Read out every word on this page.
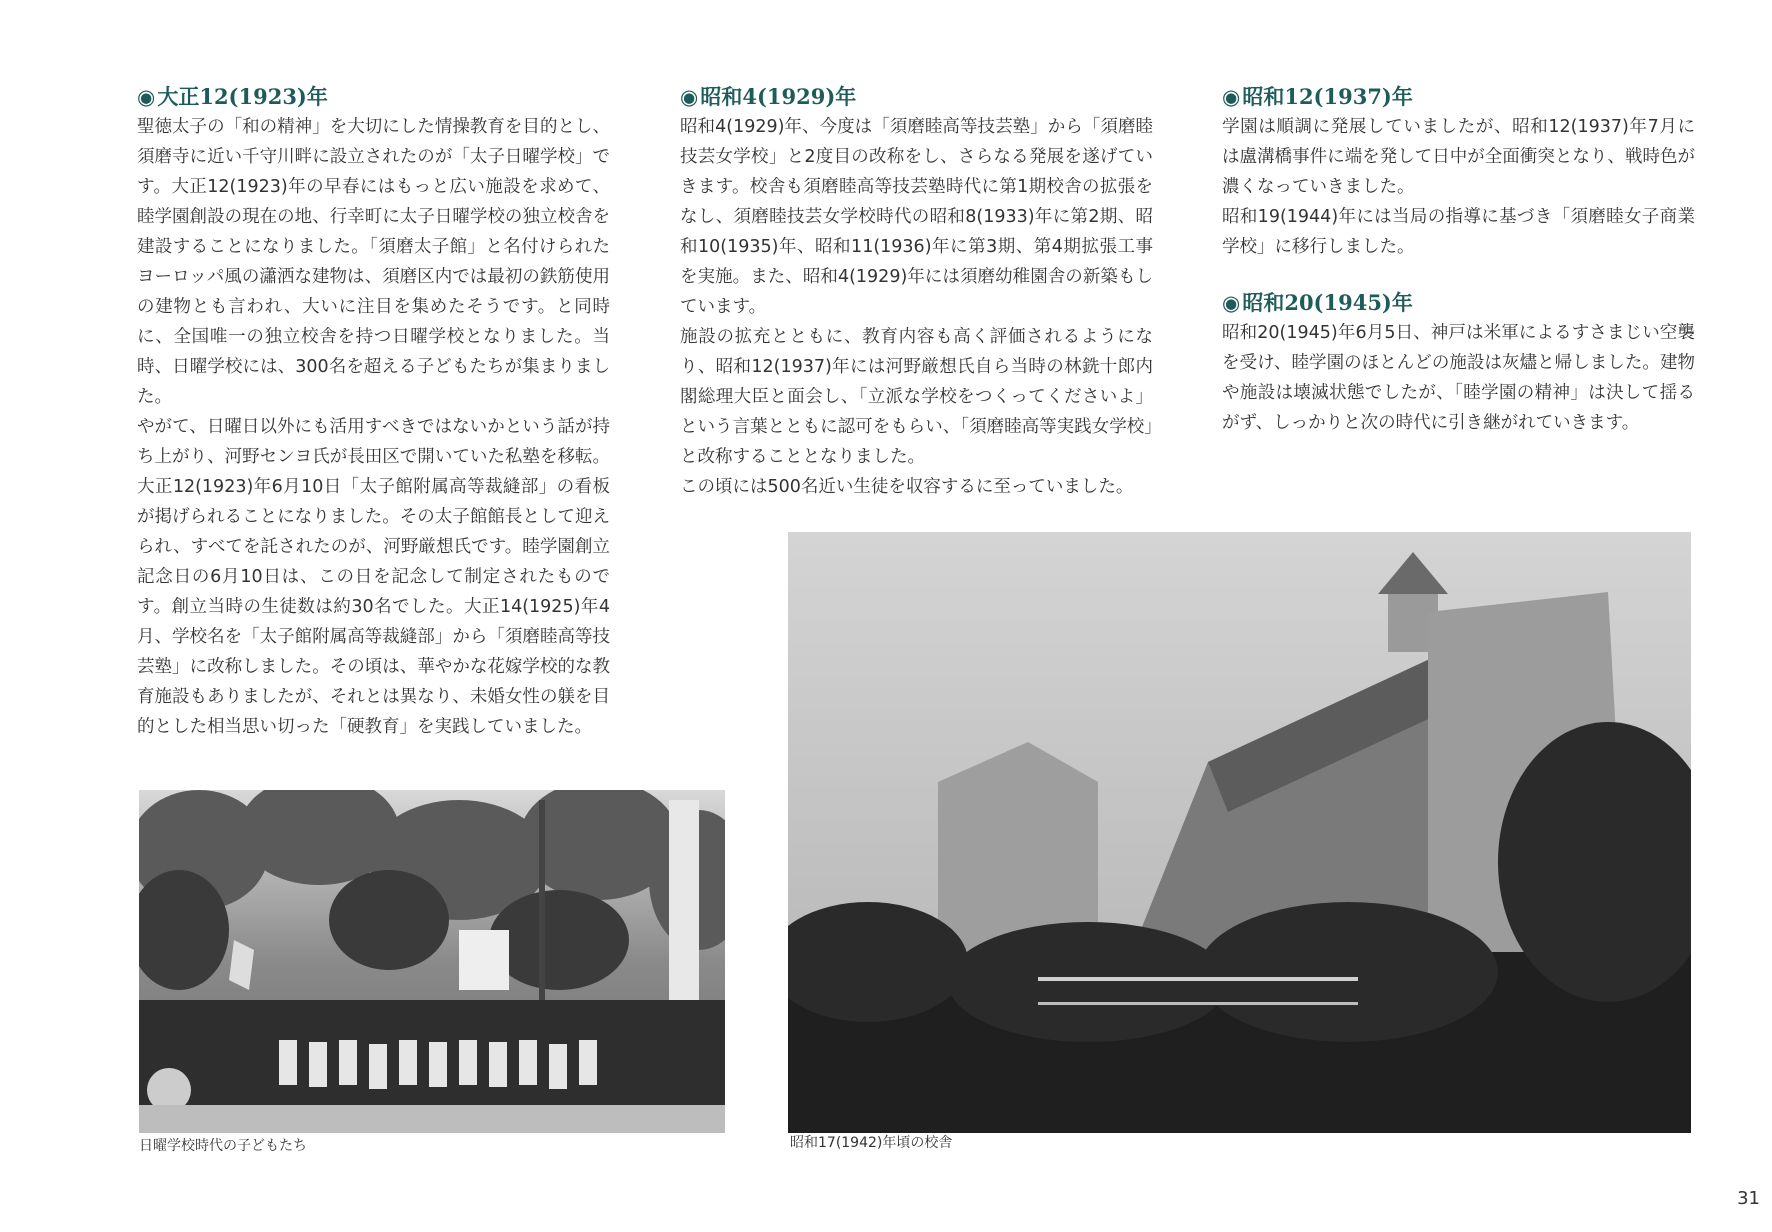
◉大正12(1923)年

聖徳太子の「和の精神」を大切にした情操教育を目的とし、須磨寺に近い千守川畔に設立されたのが「太子日曜学校」です。大正12(1923)年の早春にはもっと広い施設を求めて、睦学園創設の現在の地、行幸町に太子日曜学校の独立校舎を建設することになりました。「須磨太子館」と名付けられたヨーロッパ風の瀟洒な建物は、須磨区内では最初の鉄筋使用の建物とも言われ、大いに注目を集めたそうです。と同時に、全国唯一の独立校舎を持つ日曜学校となりました。当時、日曜学校には、300名を超える子どもたちが集まりました。

やがて、日曜日以外にも活用すべきではないかという話が持ち上がり、河野センヨ氏が長田区で開いていた私塾を移転。大正12(1923)年6月10日「太子館附属高等裁縫部」の看板が掲げられることになりました。その太子館館長として迎えられ、すべてを託されたのが、河野厳想氏です。睦学園創立記念日の6月10日は、この日を記念して制定されたものです。創立当時の生徒数は約30名でした。大正14(1925)年4月、学校名を「太子館附属高等裁縫部」から「須磨睦高等技芸塾」に改称しました。その頃は、華やかな花嫁学校的な教育施設もありましたが、それとは異なり、未婚女性の躾を目的とした相当思い切った「硬教育」を実践していました。

◉昭和4(1929)年

昭和4(1929)年、今度は「須磨睦高等技芸塾」から「須磨睦技芸女学校」と2度目の改称をし、さらなる発展を遂げていきます。校舎も須磨睦高等技芸塾時代に第1期校舎の拡張をなし、須磨睦技芸女学校時代の昭和8(1933)年に第2期、昭和10(1935)年、昭和11(1936)年に第3期、第4期拡張工事を実施。また、昭和4(1929)年には須磨幼稚園舎の新築もしています。

施設の拡充とともに、教育内容も高く評価されるようになり、昭和12(1937)年には河野厳想氏自ら当時の林銑十郎内閣総理大臣と面会し、「立派な学校をつくってくださいよ」という言葉とともに認可をもらい、「須磨睦高等実践女学校」と改称することとなりました。

この頃には500名近い生徒を収容するに至っていました。

◉昭和12(1937)年

学園は順調に発展していましたが、昭和12(1937)年7月には盧溝橋事件に端を発して日中が全面衝突となり、戦時色が濃くなっていきました。

昭和19(1944)年には当局の指導に基づき「須磨睦女子商業学校」に移行しました。

◉昭和20(1945)年

昭和20(1945)年6月5日、神戸は米軍によるすさまじい空襲を受け、睦学園のほとんどの施設は灰燼と帰しました。建物や施設は壊滅状態でしたが、「睦学園の精神」は決して揺るがず、しっかりと次の時代に引き継がれていきます。

日曜学校時代の子どもたち	昭和17(1942)年頃の校舎
31
